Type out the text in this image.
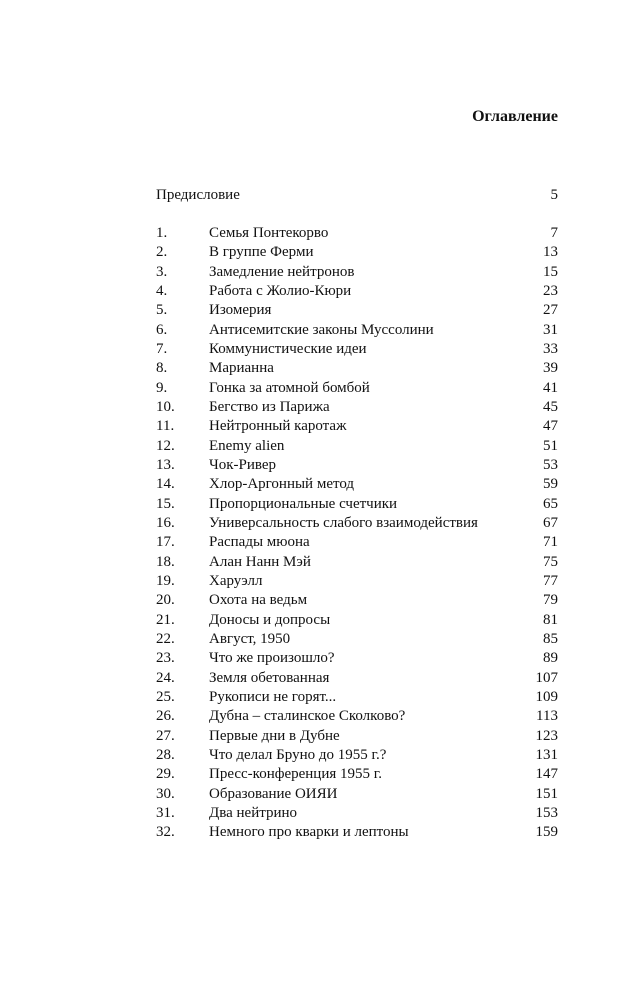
Оглавление
Предисловие	5
1.	Семья Понтекорво	7
2.	В группе Ферми	13
3.	Замедление нейтронов	15
4.	Работа с Жолио-Кюри	23
5.	Изомерия	27
6.	Антисемитские законы Муссолини	31
7.	Коммунистические идеи	33
8.	Марианна	39
9.	Гонка за атомной бомбой	41
10. Бегство из Парижа	45
11. Нейтронный каротаж	47
12. Enemy alien	51
13. Чок-Ривер	53
14. Хлор-Аргонный метод	59
15. Пропорциональные счетчики	65
16. Универсальность слабого взаимодействия	67
17. Распады мюона	71
18. Алан Нанн Мэй	75
19. Харуэлл	77
20. Охота на ведьм	79
21. Доносы и допросы	81
22. Август, 1950	85
23. Что же произошло?	89
24. Земля обетованная	107
25. Рукописи не горят...	109
26. Дубна – сталинское Сколково?	113
27. Первые дни в Дубне	123
28. Что делал Бруно до 1955 г.?	131
29. Пресс-конференция 1955 г.	147
30. Образование ОИЯИ	151
31. Два нейтрино	153
32. Немного про кварки и лептоны	159
